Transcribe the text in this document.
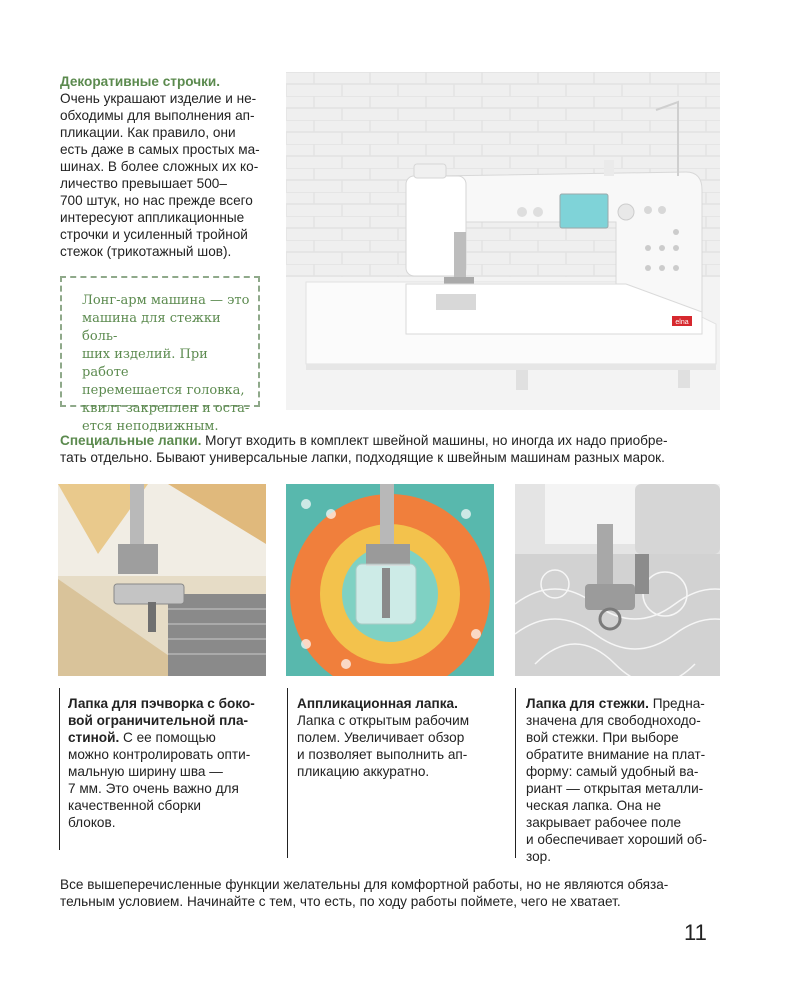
Декоративные строчки.
Очень украшают изделие и не-
обходимы для выполнения ап-
пликации. Как правило, они
есть даже в самых простых ма-
шинах. В более сложных их ко-
личество превышает 500–
700 штук, но нас прежде всего
интересуют аппликационные
строчки и усиленный тройной
стежок (трикотажный шов).
Лонг-арм машина — это
машина для стежки боль-
ших изделий. При работе
перемешается головка,
квилт закреплен и оста-
ется неподвижным.
elna
Специальные лапки. Могут входить в комплект швейной машины, но иногда их надо приобре-
тать отдельно. Бывают универсальные лапки, подходящие к швейным машинам разных марок.
Лапка для пэчворка с боко-
вой ограничительной пла-
стиной. С ее помощью
можно контролировать опти-
мальную ширину шва —
7 мм. Это очень важно для
качественной сборки
блоков.
Аппликационная лапка.
Лапка с открытым рабочим
полем. Увеличивает обзор
и позволяет выполнить ап-
пликацию аккуратно.
Лапка для стежки. Предна-
значена для свободноходо-
вой стежки. При выборе
обратите внимание на плат-
форму: самый удобный ва-
риант — открытая металли-
ческая лапка. Она не
закрывает рабочее поле
и обеспечивает хороший об-
зор.
Все вышеперечисленные функции желательны для комфортной работы, но не являются обяза-
тельным условием. Начинайте с тем, что есть, по ходу работы поймете, чего не хватает.
11
